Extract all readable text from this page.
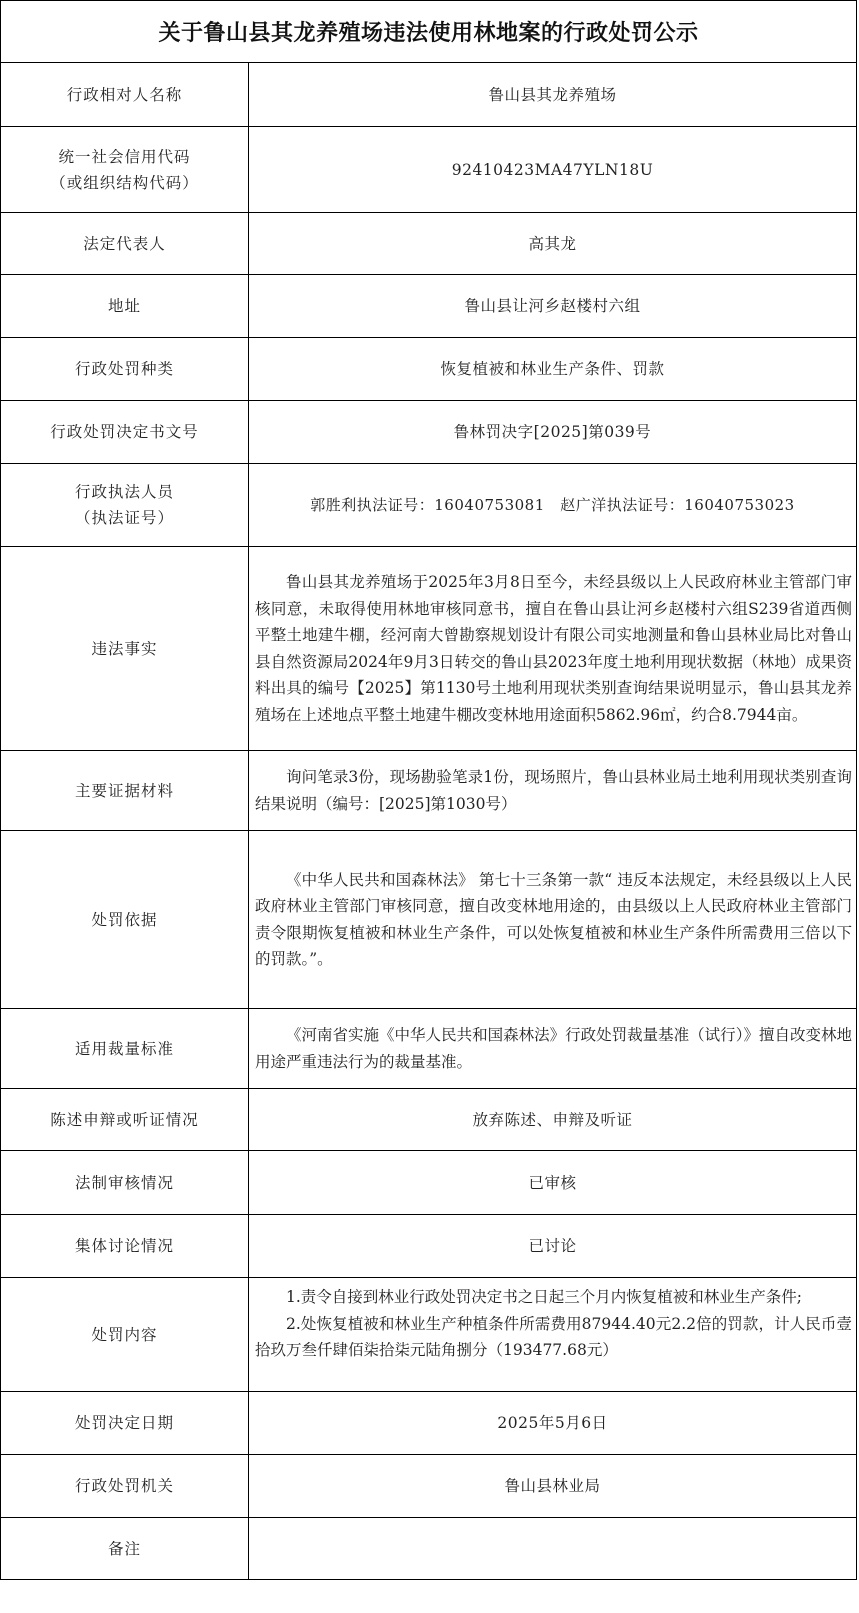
关于鲁山县其龙养殖场违法使用林地案的行政处罚公示
行政相对人名称	鲁山县其龙养殖场

统一社会信用代码
（或组织结构代码）	92410423MA47YLN18U
法定代表人	高其龙
地址	鲁山县让河乡赵楼村六组
行政处罚种类	恢复植被和林业生产条件、罚款
行政处罚决定书文号	鲁林罚决字[2025]第039号

行政执法人员
（执法证号）	郭胜利执法证号：16040753081　赵广洋执法证号：16040753023
违法事实	鲁山县其龙养殖场于2025年3月8日至今，未经县级以上人民政府林业主管部门审核同意，未取得使用林地审核同意书，擅自在鲁山县让河乡赵楼村六组S239省道西侧平整土地建牛棚，经河南大曾勘察规划设计有限公司实地测量和鲁山县林业局比对鲁山县自然资源局2024年9月3日转交的鲁山县2023年度土地利用现状数据（林地）成果资料出具的编号【2025】第1130号土地利用现状类别查询结果说明显示，鲁山县其龙养殖场在上述地点平整土地建牛棚改变林地用途面积5862.96㎡，约合8.7944亩。

主要证据材料	询问笔录3份，现场勘验笔录1份，现场照片，鲁山县林业局土地利用现状类别查询结果说明（编号：[2025]第1030号）

处罚依据	《中华人民共和国森林法》 第七十三条第一款“ 违反本法规定，未经县级以上人民政府林业主管部门审核同意，擅自改变林地用途的，由县级以上人民政府林业主管部门责令限期恢复植被和林业生产条件，可以处恢复植被和林业生产条件所需费用三倍以下的罚款。”。

适用裁量标准	《河南省实施《中华人民共和国森林法》行政处罚裁量基准（试行）》擅自改变林地用途严重违法行为的裁量基准。

陈述申辩或听证情况	放弃陈述、申辩及听证
法制审核情况	已审核
集体讨论情况	已讨论
处罚内容	1.责令自接到林业行政处罚决定书之日起三个月内恢复植被和林业生产条件;

2.处恢复植被和林业生产种植条件所需费用87944.40元2.2倍的罚款，计人民币壹拾玖万叁仟肆佰柒拾柒元陆角捌分（193477.68元）

处罚决定日期	2025年5月6日
行政处罚机关	鲁山县林业局
备注	
